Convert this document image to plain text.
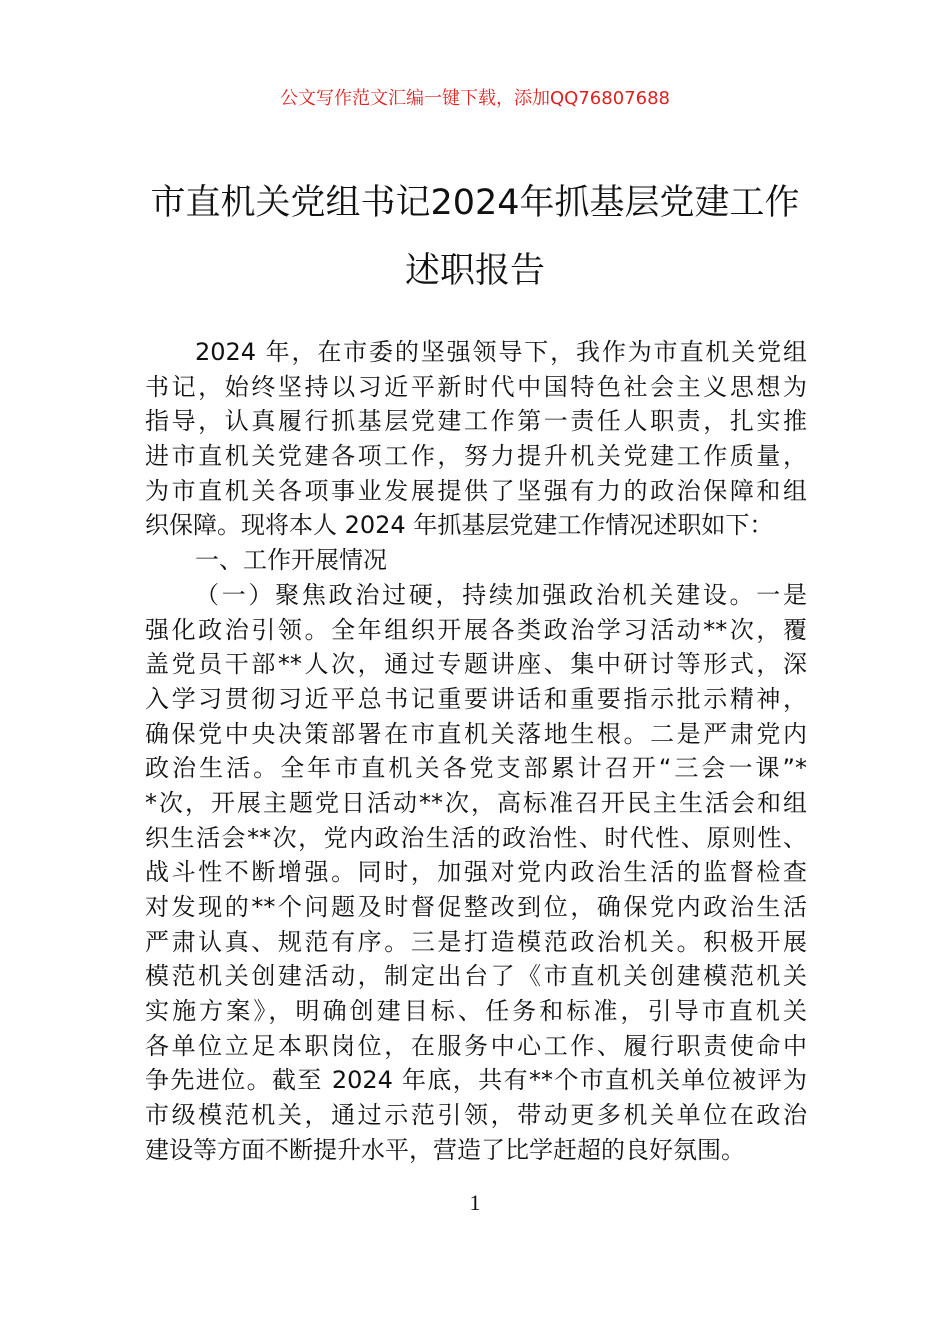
公文写作范文汇编一键下载，添加QQ76807688
市直机关党组书记2024年抓基层党建工作
述职报告
2024 年，在市委的坚强领导下，我作为市直机关党组
书记，始终坚持以习近平新时代中国特色社会主义思想为
指导，认真履行抓基层党建工作第一责任人职责，扎实推
进市直机关党建各项工作，努力提升机关党建工作质量，
为市直机关各项事业发展提供了坚强有力的政治保障和组
织保障。现将本人 2024 年抓基层党建工作情况述职如下：
一、工作开展情况
（一）聚焦政治过硬，持续加强政治机关建设。一是
强化政治引领。全年组织开展各类政治学习活动**次，覆
盖党员干部**人次，通过专题讲座、集中研讨等形式，深
入学习贯彻习近平总书记重要讲话和重要指示批示精神，
确保党中央决策部署在市直机关落地生根。二是严肃党内
政治生活。全年市直机关各党支部累计召开“三会一课”*
*次，开展主题党日活动**次，高标准召开民主生活会和组
织生活会**次，党内政治生活的政治性、时代性、原则性、
战斗性不断增强。同时，加强对党内政治生活的监督检查
对发现的**个问题及时督促整改到位，确保党内政治生活
严肃认真、规范有序。三是打造模范政治机关。积极开展
模范机关创建活动，制定出台了《市直机关创建模范机关
实施方案》，明确创建目标、任务和标准，引导市直机关
各单位立足本职岗位，在服务中心工作、履行职责使命中
争先进位。截至 2024 年底，共有**个市直机关单位被评为
市级模范机关，通过示范引领，带动更多机关单位在政治
建设等方面不断提升水平，营造了比学赶超的良好氛围。
1
